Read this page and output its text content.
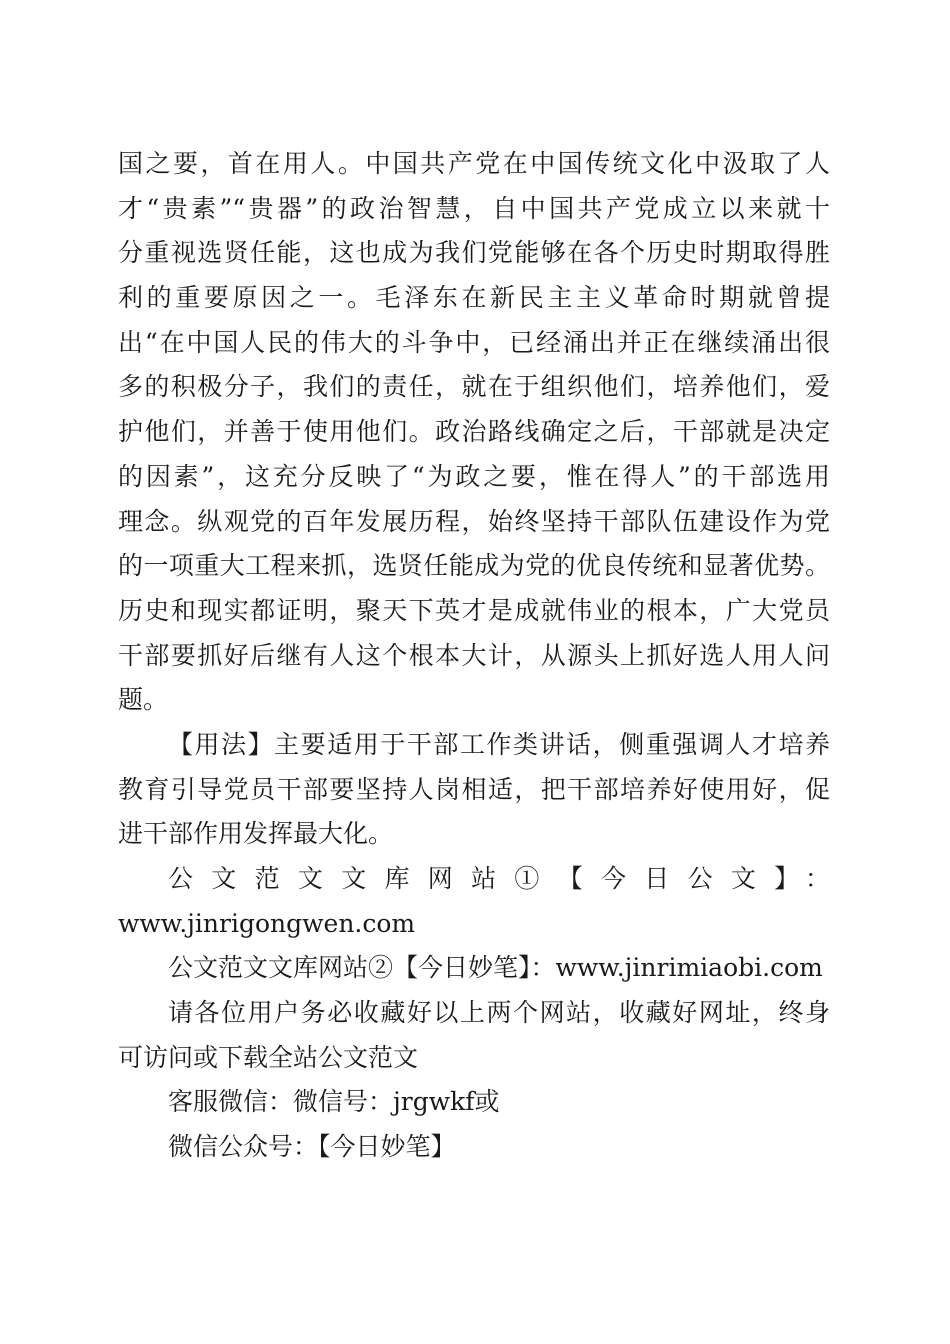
国之要，首在用人。中国共产党在中国传统文化中汲取了人
才“贵素”“贵器”的政治智慧，自中国共产党成立以来就十
分重视选贤任能，这也成为我们党能够在各个历史时期取得胜
利的重要原因之一。毛泽东在新民主主义革命时期就曾提
出“在中国人民的伟大的斗争中，已经涌出并正在继续涌出很
多的积极分子，我们的责任，就在于组织他们，培养他们，爱
护他们，并善于使用他们。政治路线确定之后，干部就是决定
的因素”，这充分反映了“为政之要，惟在得人”的干部选用
理念。纵观党的百年发展历程，始终坚持干部队伍建设作为党
的一项重大工程来抓，选贤任能成为党的优良传统和显著优势。
历史和现实都证明，聚天下英才是成就伟业的根本，广大党员
干部要抓好后继有人这个根本大计，从源头上抓好选人用人问
题。
【用法】主要适用于干部工作类讲话，侧重强调人才培养
教育引导党员干部要坚持人岗相适，把干部培养好使用好，促
进干部作用发挥最大化。
公文范文文库网站①【今日公文】：
www.jinrigongwen.com
公文范文文库网站②【今日妙笔】：www.jinrimiaobi.com
请各位用户务必收藏好以上两个网站，收藏好网址，终身
可访问或下载全站公文范文
客服微信：微信号：jrgwkf或
微信公众号：【今日妙笔】
